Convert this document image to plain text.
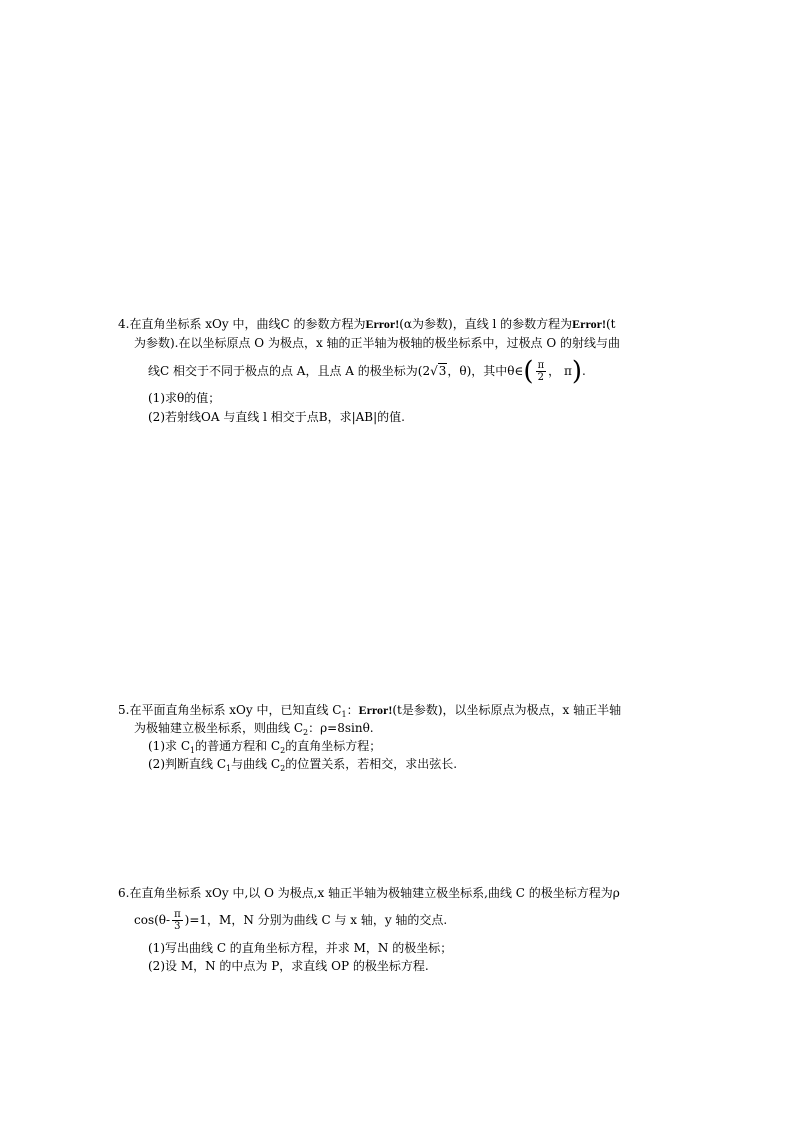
4.在直角坐标系 xOy 中，曲线C 的参数方程为Error!(α为参数)，直线 l 的参数方程为Error!(t
为参数).在以坐标原点 O 为极点，x 轴的正半轴为极轴的极坐标系中，过极点 O 的射线与曲
线C 相交于不同于极点的点 A，且点 A 的极坐标为(2√3，θ)，其中θ∈( $\frac{\pi}{2}$ ， π).
(1)求θ的值；
(2)若射线OA 与直线 l 相交于点B，求|AB|的值.
5.在平面直角坐标系 xOy 中，已知直线 $C_1$：Error!(t是参数)，以坐标原点为极点，x 轴正半轴
为极轴建立极坐标系，则曲线 $C_2$：ρ=8sinθ.
(1)求 $C_1$的普通方程和 $C_2$的直角坐标方程；
(2)判断直线 $C_1$与曲线 $C_2$的位置关系，若相交，求出弦长.
6.在直角坐标系 xOy 中,以 O 为极点,x 轴正半轴为极轴建立极坐标系,曲线 C 的极坐标方程为ρ
$\cos(\theta- \frac{\pi}{3} )=1$，M，N 分别为曲线 C 与 x 轴，y 轴的交点.
(1)写出曲线 C 的直角坐标方程，并求 M，N 的极坐标；
(2)设 M，N 的中点为 P，求直线 OP 的极坐标方程.
